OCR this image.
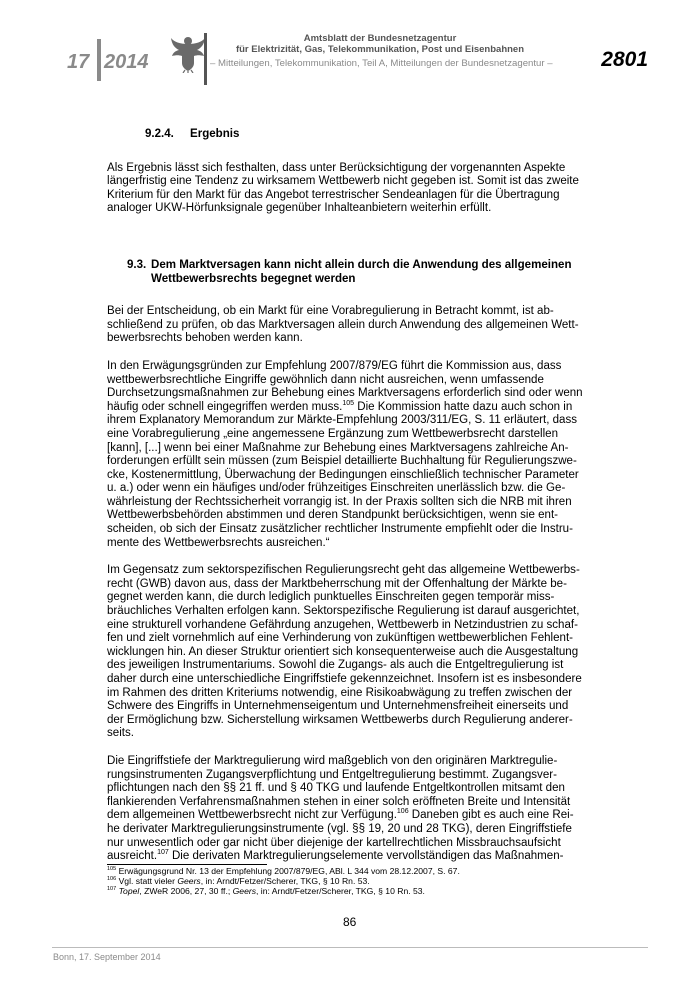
17 2014
Amtsblatt der Bundesnetzagentur
für Elektrizität, Gas, Telekommunikation, Post und Eisenbahnen
– Mitteilungen, Telekommunikation, Teil A, Mitteilungen der Bundesnetzagentur – 2801
9.2.4. Ergebnis
Als Ergebnis lässt sich festhalten, dass unter Berücksichtigung der vorgenannten Aspekte
längerfristig eine Tendenz zu wirksamem Wettbewerb nicht gegeben ist. Somit ist das zweite
Kriterium für den Markt für das Angebot terrestrischer Sendeanlagen für die Übertragung
analoger UKW-Hörfunksignale gegenüber Inhalteanbietern weiterhin erfüllt.
9.3. Dem Marktversagen kann nicht allein durch die Anwendung des allgemeinen Wettbewerbsrechts begegnet werden
Bei der Entscheidung, ob ein Markt für eine Vorabregulierung in Betracht kommt, ist ab-
schließend zu prüfen, ob das Marktversagen allein durch Anwendung des allgemeinen Wett-
bewerbsrechts behoben werden kann.
In den Erwägungsgründen zur Empfehlung 2007/879/EG führt die Kommission aus, dass
wettbewerbsrechtliche Eingriffe gewöhnlich dann nicht ausreichen, wenn umfassende
Durchsetzungsmaßnahmen zur Behebung eines Marktversagens erforderlich sind oder wenn
häufig oder schnell eingegriffen werden muss.$^{105}$ Die Kommission hatte dazu auch schon in
ihrem Explanatory Memorandum zur Märkte-Empfehlung 2003/311/EG, S. 11 erläutert, dass
eine Vorabregulierung „eine angemessene Ergänzung zum Wettbewerbsrecht darstellen
[kann], [...] wenn bei einer Maßnahme zur Behebung eines Marktversagens zahlreiche An-
forderungen erfüllt sein müssen (zum Beispiel detaillierte Buchhaltung für Regulierungszwe-
cke, Kostenermittlung, Überwachung der Bedingungen einschließlich technischer Parameter
u. a.) oder wenn ein häufiges und/oder frühzeitiges Einschreiten unerlässlich bzw. die Ge-
währleistung der Rechtssicherheit vorrangig ist. In der Praxis sollten sich die NRB mit ihren
Wettbewerbsbehörden abstimmen und deren Standpunkt berücksichtigen, wenn sie ent-
scheiden, ob sich der Einsatz zusätzlicher rechtlicher Instrumente empfiehlt oder die Instru-
mente des Wettbewerbsrechts ausreichen.“
Im Gegensatz zum sektorspezifischen Regulierungsrecht geht das allgemeine Wettbewerbs-
recht (GWB) davon aus, dass der Marktbeherrschung mit der Offenhaltung der Märkte be-
gegnet werden kann, die durch lediglich punktuelles Einschreiten gegen temporär miss-
bräuchliches Verhalten erfolgen kann. Sektorspezifische Regulierung ist darauf ausgerichtet,
eine strukturell vorhandene Gefährdung anzugehen, Wettbewerb in Netzindustrien zu schaf-
fen und zielt vornehmlich auf eine Verhinderung von zukünftigen wettbewerblichen Fehlent-
wicklungen hin. An dieser Struktur orientiert sich konsequenterweise auch die Ausgestaltung
des jeweiligen Instrumentariums. Sowohl die Zugangs- als auch die Entgeltregulierung ist
daher durch eine unterschiedliche Eingriffstiefe gekennzeichnet. Insofern ist es insbesondere
im Rahmen des dritten Kriteriums notwendig, eine Risikoabwägung zu treffen zwischen der
Schwere des Eingriffs in Unternehmenseigentum und Unternehmensfreiheit einerseits und
der Ermöglichung bzw. Sicherstellung wirksamen Wettbewerbs durch Regulierung anderer-
seits.
Die Eingriffstiefe der Marktregulierung wird maßgeblich von den originären Marktregulie-
rungsinstrumenten Zugangsverpflichtung und Entgeltregulierung bestimmt. Zugangsver-
pflichtungen nach den §§ 21 ff. und § 40 TKG und laufende Entgeltkontrollen mitsamt den
flankierenden Verfahrensmaßnahmen stehen in einer solch eröffneten Breite und Intensität
dem allgemeinen Wettbewerbsrecht nicht zur Verfügung.$^{106}$ Daneben gibt es auch eine Rei-
he derivater Marktregulierungsinstrumente (vgl. §§ 19, 20 und 28 TKG), deren Eingriffstiefe
nur unwesentlich oder gar nicht über diejenige der kartellrechtlichen Missbrauchsaufsicht
ausreicht.$^{107}$ Die derivaten Marktregulierungselemente vervollständigen das Maßnahmen-
$^{105}$ Erwägungsgrund Nr. 13 der Empfehlung 2007/879/EG, ABl. L 344 vom 28.12.2007, S. 67.
$^{106}$ Vgl. statt vieler Geers, in: Arndt/Fetzer/Scherer, TKG, § 10 Rn. 53.
$^{107}$ Topel, ZWeR 2006, 27, 30 ff.; Geers, in: Arndt/Fetzer/Scherer, TKG, § 10 Rn. 53.
86
Bonn, 17. September 2014
